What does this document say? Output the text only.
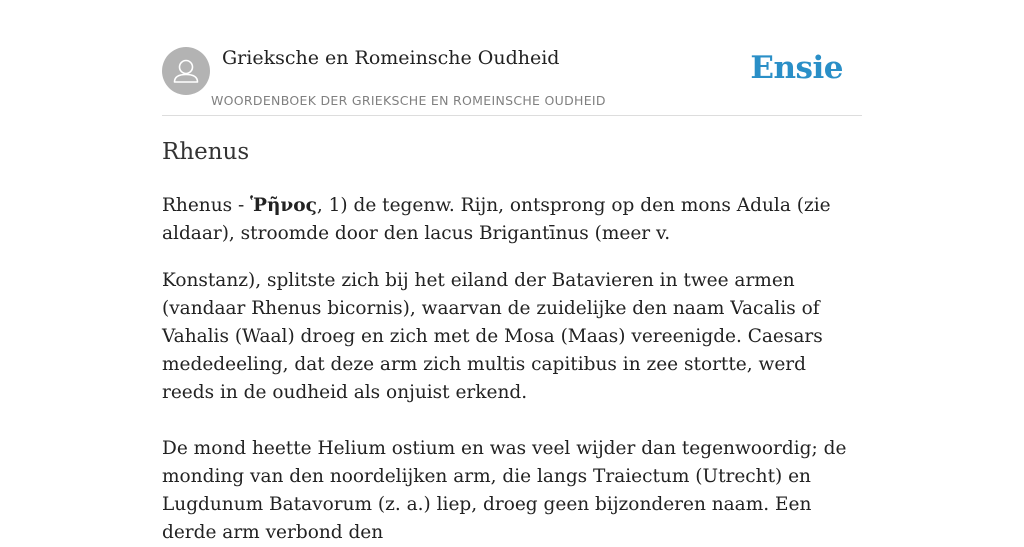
Grieksche en Romeinsche Oudheid
WOORDENBOEK DER GRIEKSCHE EN ROMEINSCHE OUDHEID
Ensie
Rhenus

Rhenus - Ῥῆνος, 1) de tegenw. Rijn, ontsprong op den mons Adula (zie aldaar), stroomde door den lacus Brigantīnus (meer v.

Konstanz), splitste zich bij het eiland der Batavieren in twee armen (vandaar Rhenus bicornis), waarvan de zuidelijke den naam Vacalis of Vahalis (Waal) droeg en zich met de Mosa (Maas) vereenigde. Caesars mededeeling, dat deze arm zich multis capitibus in zee stortte, werd reeds in de oudheid als onjuist erkend.

De mond heette Helium ostium en was veel wijder dan tegenwoordig; de monding van den noordelijken arm, die langs Traiectum (Utrecht) en Lugdunum Batavorum (z. a.) liep, droeg geen bijzonderen naam. Een derde arm verbond den
